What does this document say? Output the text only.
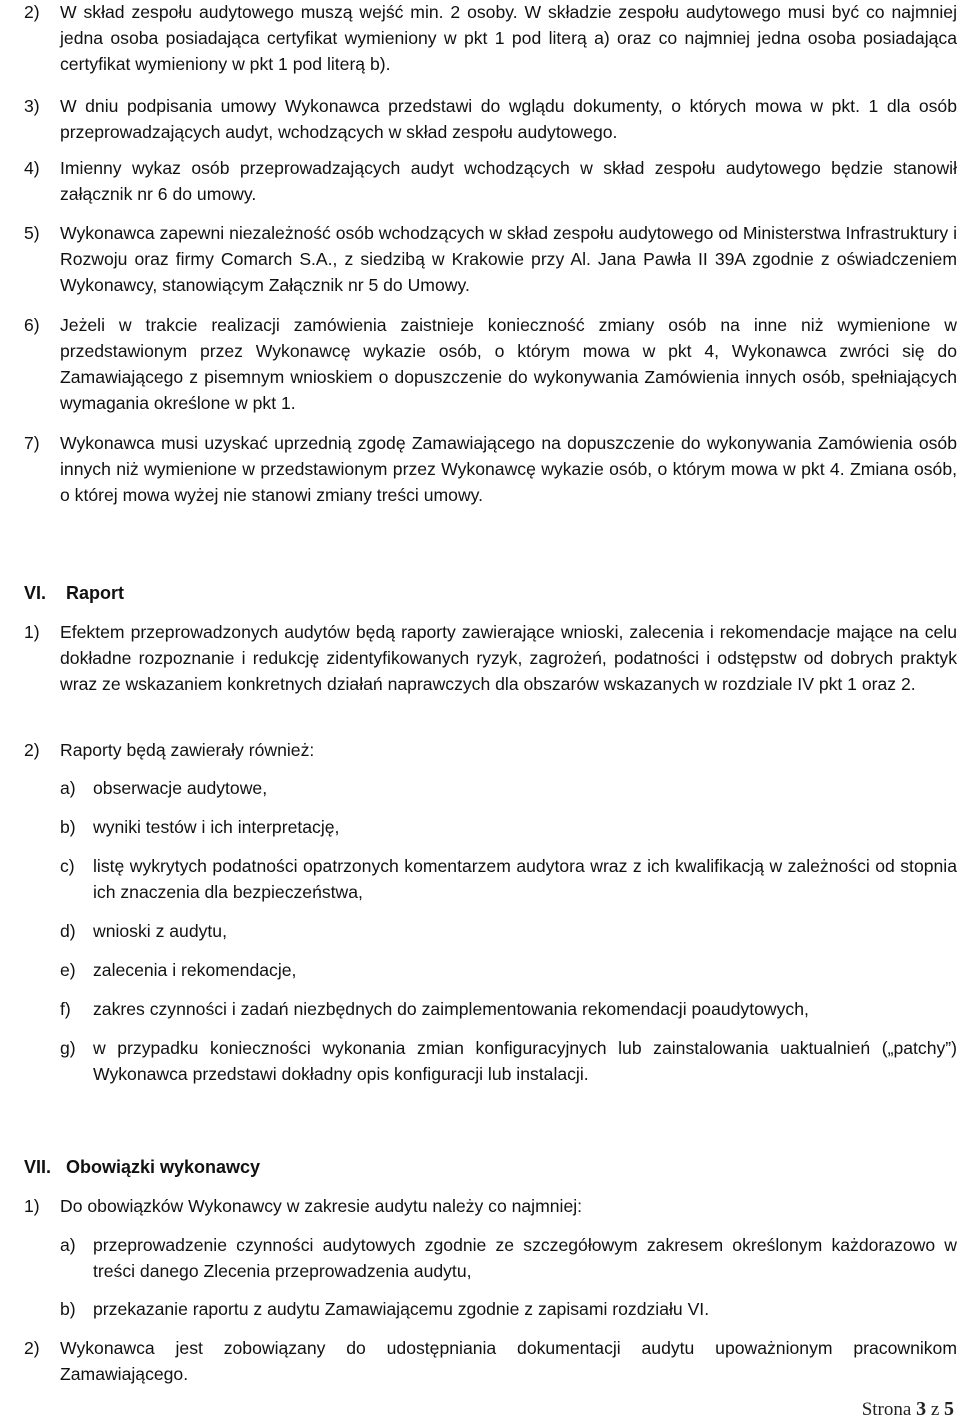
2) W skład zespołu audytowego muszą wejść min. 2 osoby. W składzie zespołu audytowego musi być co najmniej jedna osoba posiadająca certyfikat wymieniony w pkt 1 pod literą a) oraz co najmniej jedna osoba posiadająca certyfikat wymieniony w pkt 1 pod literą b).
3) W dniu podpisania umowy Wykonawca przedstawi do wglądu dokumenty, o których mowa w pkt. 1 dla osób przeprowadzających audyt, wchodzących w skład zespołu audytowego.
4) Imienny wykaz osób przeprowadzających audyt wchodzących w skład zespołu audytowego będzie stanowił załącznik nr 6 do umowy.
5) Wykonawca zapewni niezależność osób wchodzących w skład zespołu audytowego od Ministerstwa Infrastruktury i Rozwoju oraz firmy Comarch S.A., z siedzibą w Krakowie przy Al. Jana Pawła II 39A zgodnie z oświadczeniem Wykonawcy, stanowiącym Załącznik nr 5 do Umowy.
6) Jeżeli w trakcie realizacji zamówienia zaistnieje konieczność zmiany osób na inne niż wymienione w przedstawionym przez Wykonawcę wykazie osób, o którym mowa w pkt 4, Wykonawca zwróci się do Zamawiającego z pisemnym wnioskiem o dopuszczenie do wykonywania Zamówienia innych osób, spełniających wymagania określone w pkt 1.
7) Wykonawca musi uzyskać uprzednią zgodę Zamawiającego na dopuszczenie do wykonywania Zamówienia osób innych niż wymienione w przedstawionym przez Wykonawcę wykazie osób, o którym mowa w pkt 4. Zmiana osób, o której mowa wyżej nie stanowi zmiany treści umowy.
VI. Raport
1) Efektem przeprowadzonych audytów będą raporty zawierające wnioski, zalecenia i rekomendacje mające na celu dokładne rozpoznanie i redukcję zidentyfikowanych ryzyk, zagrożeń, podatności i odstępstw od dobrych praktyk wraz ze wskazaniem konkretnych działań naprawczych dla obszarów wskazanych w rozdziale IV pkt 1 oraz 2.
2) Raporty będą zawierały również:
a) obserwacje audytowe,
b) wyniki testów i ich interpretację,
c) listę wykrytych podatności opatrzonych komentarzem audytora wraz z ich kwalifikacją w zależności od stopnia ich znaczenia dla bezpieczeństwa,
d) wnioski z audytu,
e) zalecenia i rekomendacje,
f) zakres czynności i zadań niezbędnych do zaimplementowania rekomendacji poaudytowych,
g) w przypadku konieczności wykonania zmian konfiguracyjnych lub zainstalowania uaktualnień („patchy”) Wykonawca przedstawi dokładny opis konfiguracji lub instalacji.
VII. Obowiązki wykonawcy
1) Do obowiązków Wykonawcy w zakresie audytu należy co najmniej:
a) przeprowadzenie czynności audytowych zgodnie ze szczegółowym zakresem określonym każdorazowo w treści danego Zlecenia przeprowadzenia audytu,
b) przekazanie raportu z audytu Zamawiającemu zgodnie z zapisami rozdziału VI.
2) Wykonawca jest zobowiązany do udostępniania dokumentacji audytu upoważnionym pracownikom Zamawiającego.
Strona 3 z 5
